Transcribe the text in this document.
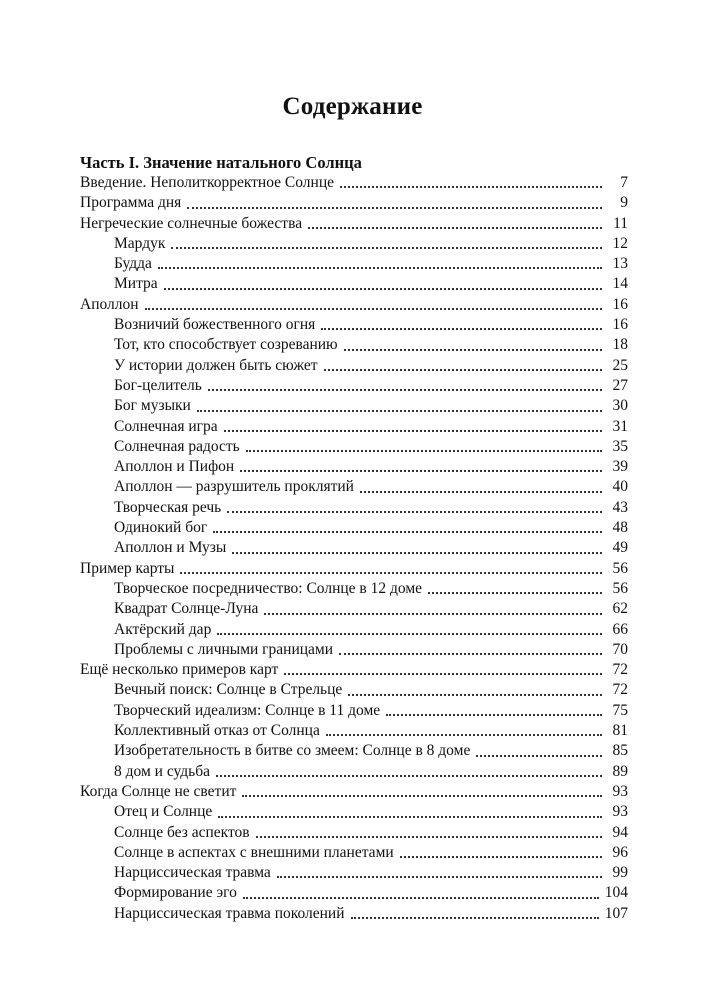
Содержание
Часть I. Значение натального Солнца
Введение. Неполиткорректное Солнце	7
Программа дня	9
Негреческие солнечные божества	11
Мардук	12
Будда	13
Митра	14
Аполлон	16
Возничий божественного огня	16
Тот, кто способствует созреванию	18
У истории должен быть сюжет	25
Бог-целитель	27
Бог музыки	30
Солнечная игра	31
Солнечная радость	35
Аполлон и Пифон	39
Аполлон — разрушитель проклятий	40
Творческая речь	43
Одинокий бог	48
Аполлон и Музы	49
Пример карты	56
Творческое посредничество: Солнце в 12 доме	56
Квадрат Солнце-Луна	62
Актёрский дар	66
Проблемы с личными границами	70
Ещё несколько примеров карт	72
Вечный поиск: Солнце в Стрельце	72
Творческий идеализм: Солнце в 11 доме	75
Коллективный отказ от Солнца	81
Изобретательность в битве со змеем: Солнце в 8 доме	85
8 дом и судьба	89
Когда Солнце не светит	93
Отец и Солнце	93
Солнце без аспектов	94
Солнце в аспектах с внешними планетами	96
Нарциссическая травма	99
Формирование эго	104
Нарциссическая травма поколений	107
